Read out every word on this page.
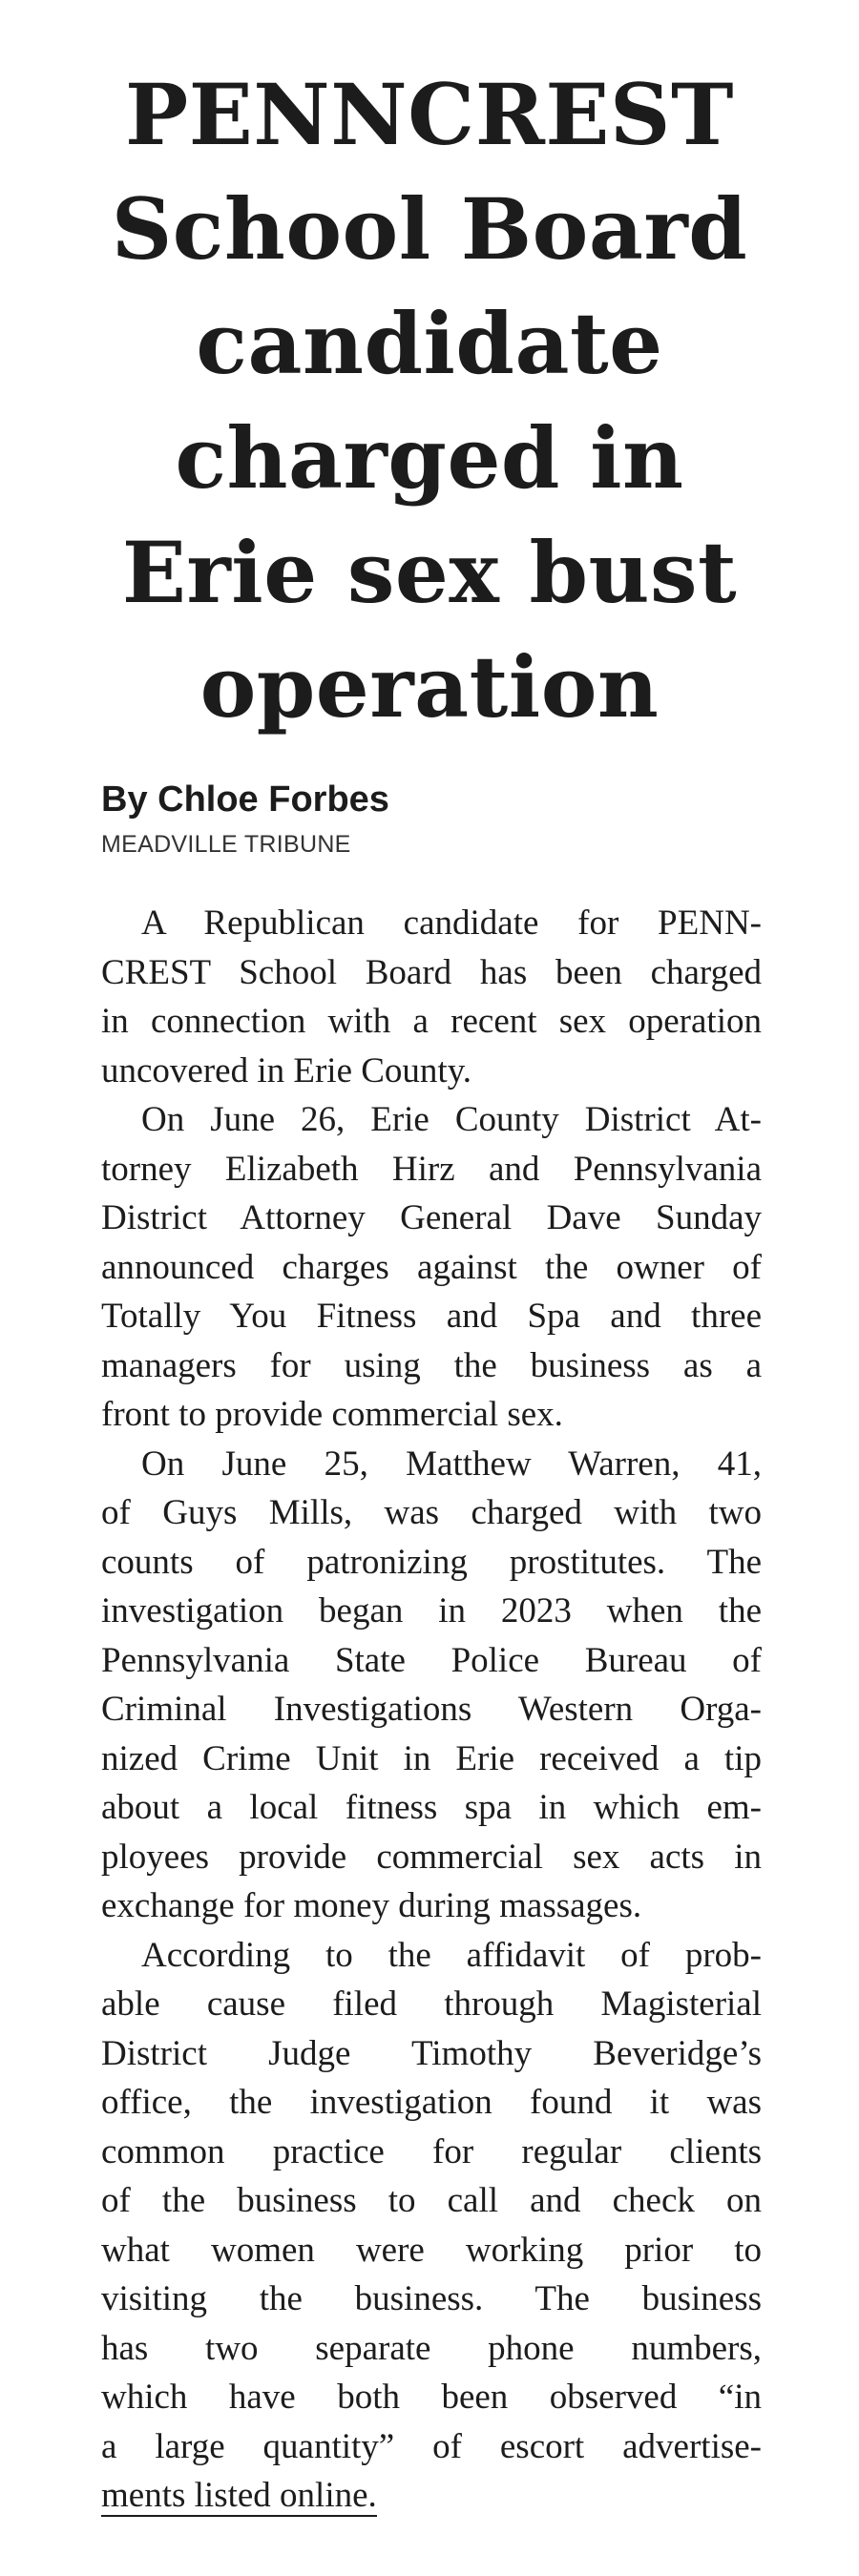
PENNCREST
School Board
candidate
charged in
Erie sex bust
operation

By Chloe Forbes

MEADVILLE TRIBUNE

A Republican candidate for PENN-
CREST School Board has been charged
in connection with a recent sex operation
uncovered in Erie County.

On June 26, Erie County District At-
torney Elizabeth Hirz and Pennsylvania
District Attorney General Dave Sunday
announced charges against the owner of
Totally You Fitness and Spa and three
managers for using the business as a
front to provide commercial sex.

On June 25, Matthew Warren, 41,
of Guys Mills, was charged with two
counts of patronizing prostitutes. The
investigation began in 2023 when the
Pennsylvania State Police Bureau of
Criminal Investigations Western Orga-
nized Crime Unit in Erie received a tip
about a local fitness spa in which em-
ployees provide commercial sex acts in
exchange for money during massages.

According to the affidavit of prob-
able cause filed through Magisterial
District Judge Timothy Beveridge’s
office, the investigation found it was
common practice for regular clients
of the business to call and check on
what women were working prior to
visiting the business. The business
has two separate phone numbers,
which have both been observed “in
a large quantity” of escort advertise-
ments listed online.
